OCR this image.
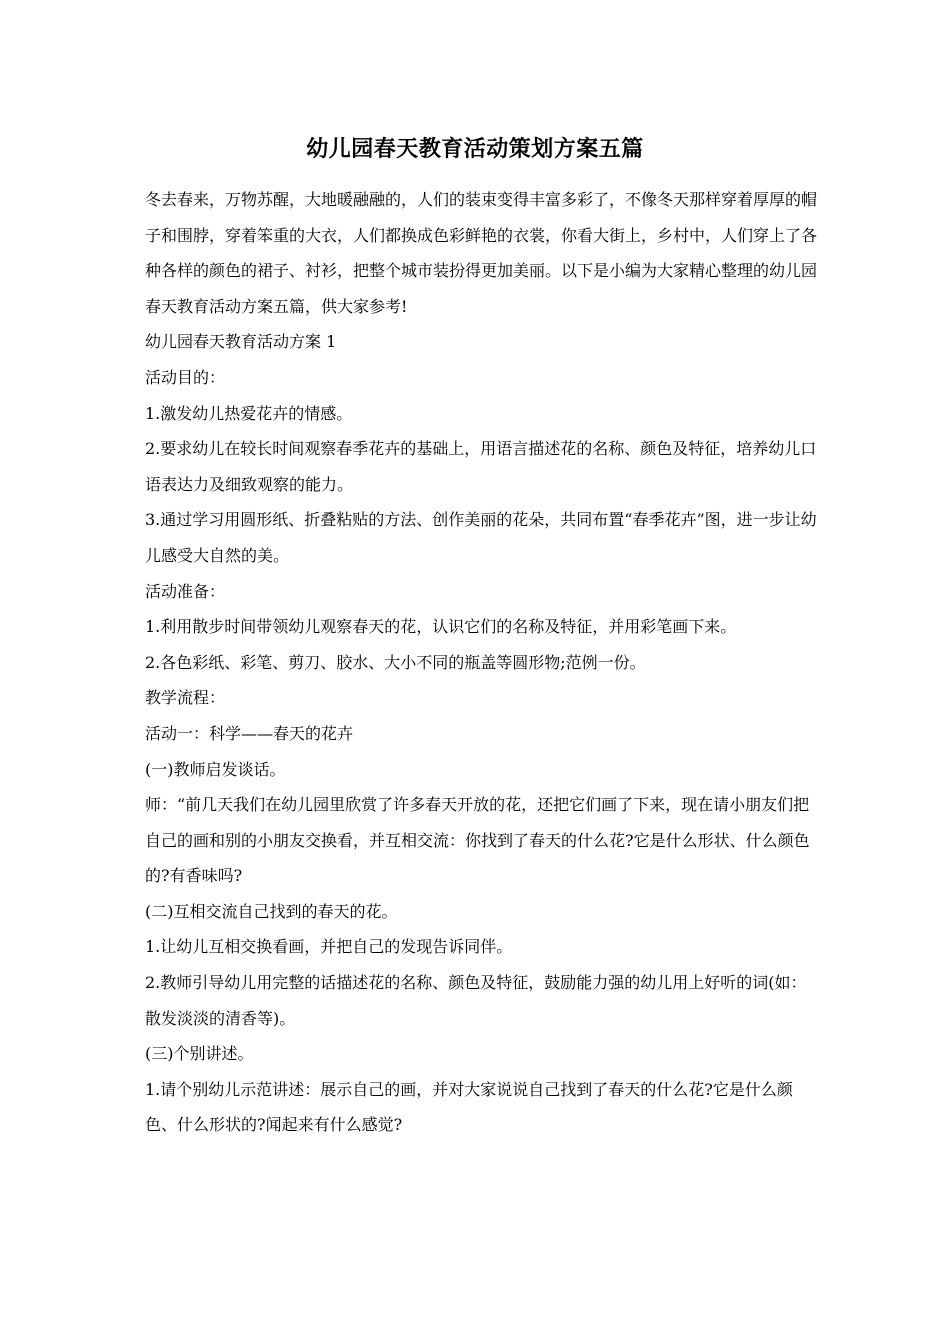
幼儿园春天教育活动策划方案五篇

冬去春来，万物苏醒，大地暖融融的，人们的装束变得丰富多彩了，不像冬天那样穿着厚厚的帽子和围脖，穿着笨重的大衣，人们都换成色彩鲜艳的衣裳，你看大街上，乡村中，人们穿上了各种各样的颜色的裙子、衬衫，把整个城市装扮得更加美丽。以下是小编为大家精心整理的幼儿园春天教育活动方案五篇，供大家参考!

幼儿园春天教育活动方案 1

活动目的：

1.激发幼儿热爱花卉的情感。

2.要求幼儿在较长时间观察春季花卉的基础上，用语言描述花的名称、颜色及特征，培养幼儿口语表达力及细致观察的能力。

3.通过学习用圆形纸、折叠粘贴的方法、创作美丽的花朵，共同布置“春季花卉”图，进一步让幼儿感受大自然的美。

活动准备：

1.利用散步时间带领幼儿观察春天的花，认识它们的名称及特征，并用彩笔画下来。

2.各色彩纸、彩笔、剪刀、胶水、大小不同的瓶盖等圆形物;范例一份。

教学流程：

活动一：科学——春天的花卉

(一)教师启发谈话。

师：“前几天我们在幼儿园里欣赏了许多春天开放的花，还把它们画了下来，现在请小朋友们把自己的画和别的小朋友交换看，并互相交流：你找到了春天的什么花?它是什么形状、什么颜色的?有香味吗?

(二)互相交流自己找到的春天的花。

1.让幼儿互相交换看画，并把自己的发现告诉同伴。

2.教师引导幼儿用完整的话描述花的名称、颜色及特征，鼓励能力强的幼儿用上好听的词(如：散发淡淡的清香等)。

(三)个别讲述。

1.请个别幼儿示范讲述：展示自己的画，并对大家说说自己找到了春天的什么花?它是什么颜色、什么形状的?闻起来有什么感觉?
